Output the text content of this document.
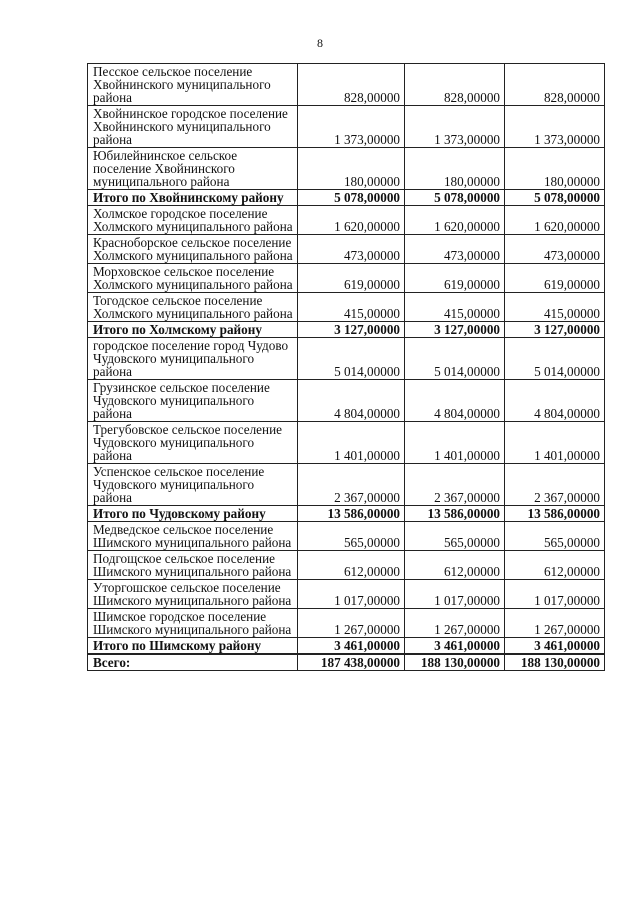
8
Песское сельское поселение Хвойнинского муниципального района	828,00000	828,00000	828,00000
Хвойнинское городское поселение Хвойнинского муниципального района	1 373,00000	1 373,00000	1 373,00000
Юбилейнинское сельское поселение Хвойнинского муниципального района	180,00000	180,00000	180,00000
Итого по Хвойнинскому району	5 078,00000	5 078,00000	5 078,00000
Холмское городское поселение Холмского муниципального района	1 620,00000	1 620,00000	1 620,00000
Красноборское сельское поселение Холмского муниципального района	473,00000	473,00000	473,00000
Морховское сельское поселение Холмского муниципального района	619,00000	619,00000	619,00000
Тогодское сельское поселение Холмского муниципального района	415,00000	415,00000	415,00000
Итого по Холмскому району	3 127,00000	3 127,00000	3 127,00000
городское поселение город Чудово Чудовского муниципального района	5 014,00000	5 014,00000	5 014,00000
Грузинское сельское поселение Чудовского муниципального района	4 804,00000	4 804,00000	4 804,00000
Трегубовское сельское поселение Чудовского муниципального района	1 401,00000	1 401,00000	1 401,00000
Успенское сельское поселение Чудовского муниципального района	2 367,00000	2 367,00000	2 367,00000
Итого по Чудовскому району	13 586,00000	13 586,00000	13 586,00000
Медведское сельское поселение Шимского муниципального района	565,00000	565,00000	565,00000
Подгощское сельское поселение Шимского муниципального района	612,00000	612,00000	612,00000
Уторгошское сельское поселение Шимского муниципального района	1 017,00000	1 017,00000	1 017,00000
Шимское городское поселение Шимского муниципального района	1 267,00000	1 267,00000	1 267,00000
Итого по Шимскому району	3 461,00000	3 461,00000	3 461,00000
Всего:	187 438,00000	188 130,00000	188 130,00000
